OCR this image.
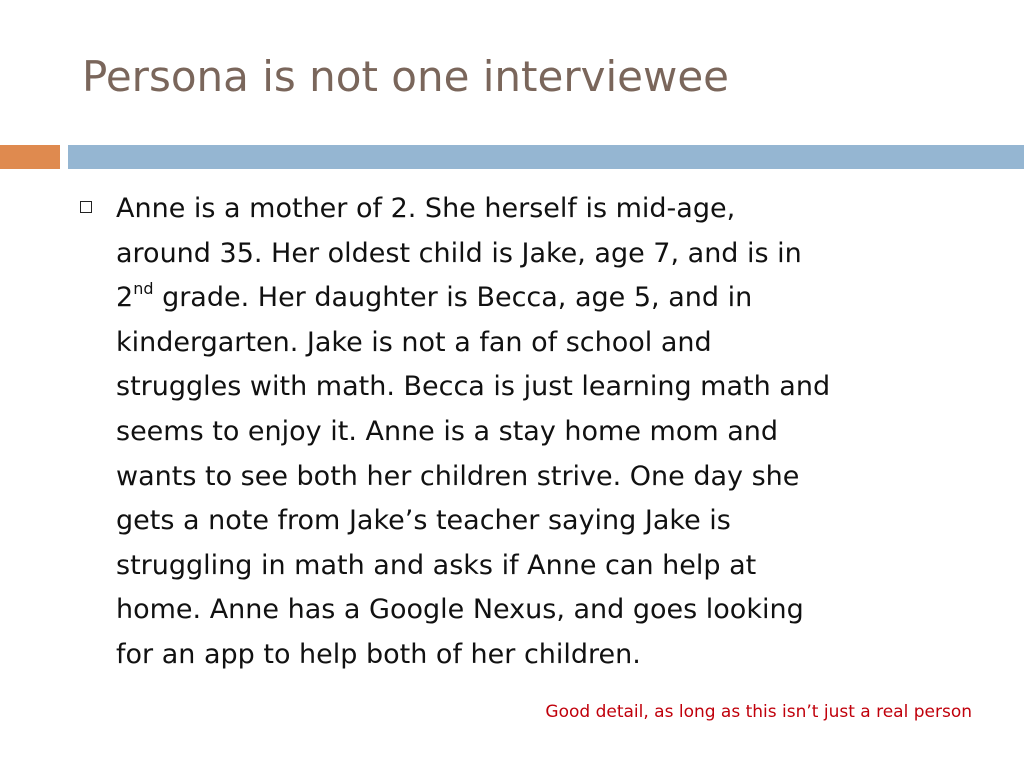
Persona is not one interviewee
Anne is a mother of 2. She herself is mid-age,
around 35. Her oldest child is Jake, age 7, and is in
2nd grade. Her daughter is Becca, age 5, and in
kindergarten. Jake is not a fan of school and
struggles with math. Becca is just learning math and
seems to enjoy it. Anne is a stay home mom and
wants to see both her children strive. One day she
gets a note from Jake’s teacher saying Jake is
struggling in math and asks if Anne can help at
home. Anne has a Google Nexus, and goes looking
for an app to help both of her children.

Good detail, as long as this isn’t just a real person
